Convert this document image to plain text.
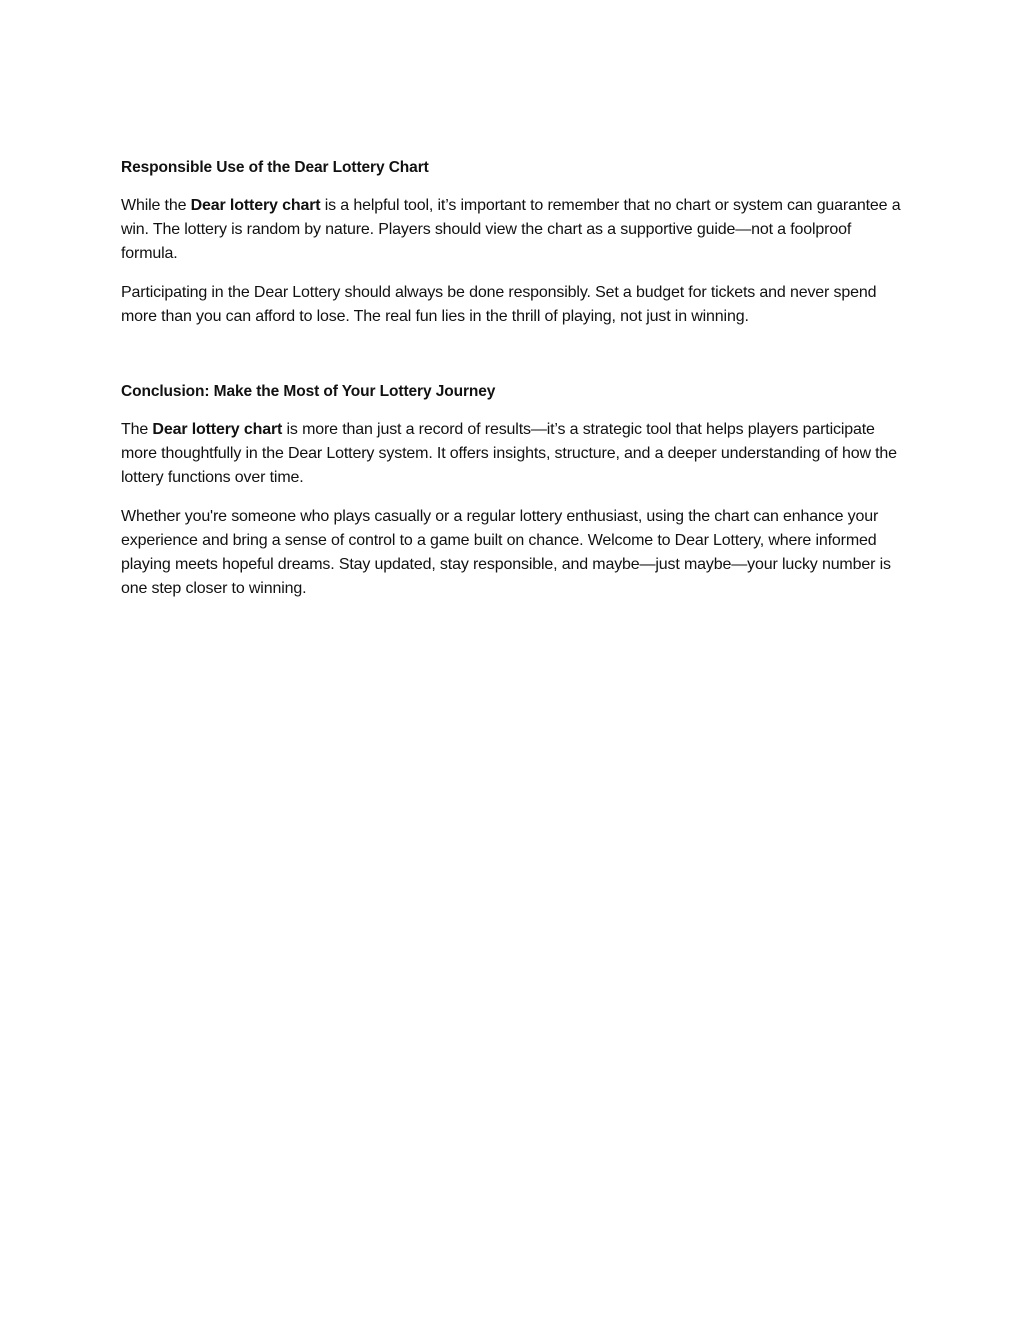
Responsible Use of the Dear Lottery Chart

While the Dear lottery chart is a helpful tool, it’s important to remember that no chart or system can guarantee a win. The lottery is random by nature. Players should view the chart as a supportive guide—not a foolproof formula.

Participating in the Dear Lottery should always be done responsibly. Set a budget for tickets and never spend more than you can afford to lose. The real fun lies in the thrill of playing, not just in winning.

Conclusion: Make the Most of Your Lottery Journey

The Dear lottery chart is more than just a record of results—it’s a strategic tool that helps players participate more thoughtfully in the Dear Lottery system. It offers insights, structure, and a deeper understanding of how the lottery functions over time.

Whether you're someone who plays casually or a regular lottery enthusiast, using the chart can enhance your experience and bring a sense of control to a game built on chance. Welcome to Dear Lottery, where informed playing meets hopeful dreams. Stay updated, stay responsible, and maybe—just maybe—your lucky number is one step closer to winning.
